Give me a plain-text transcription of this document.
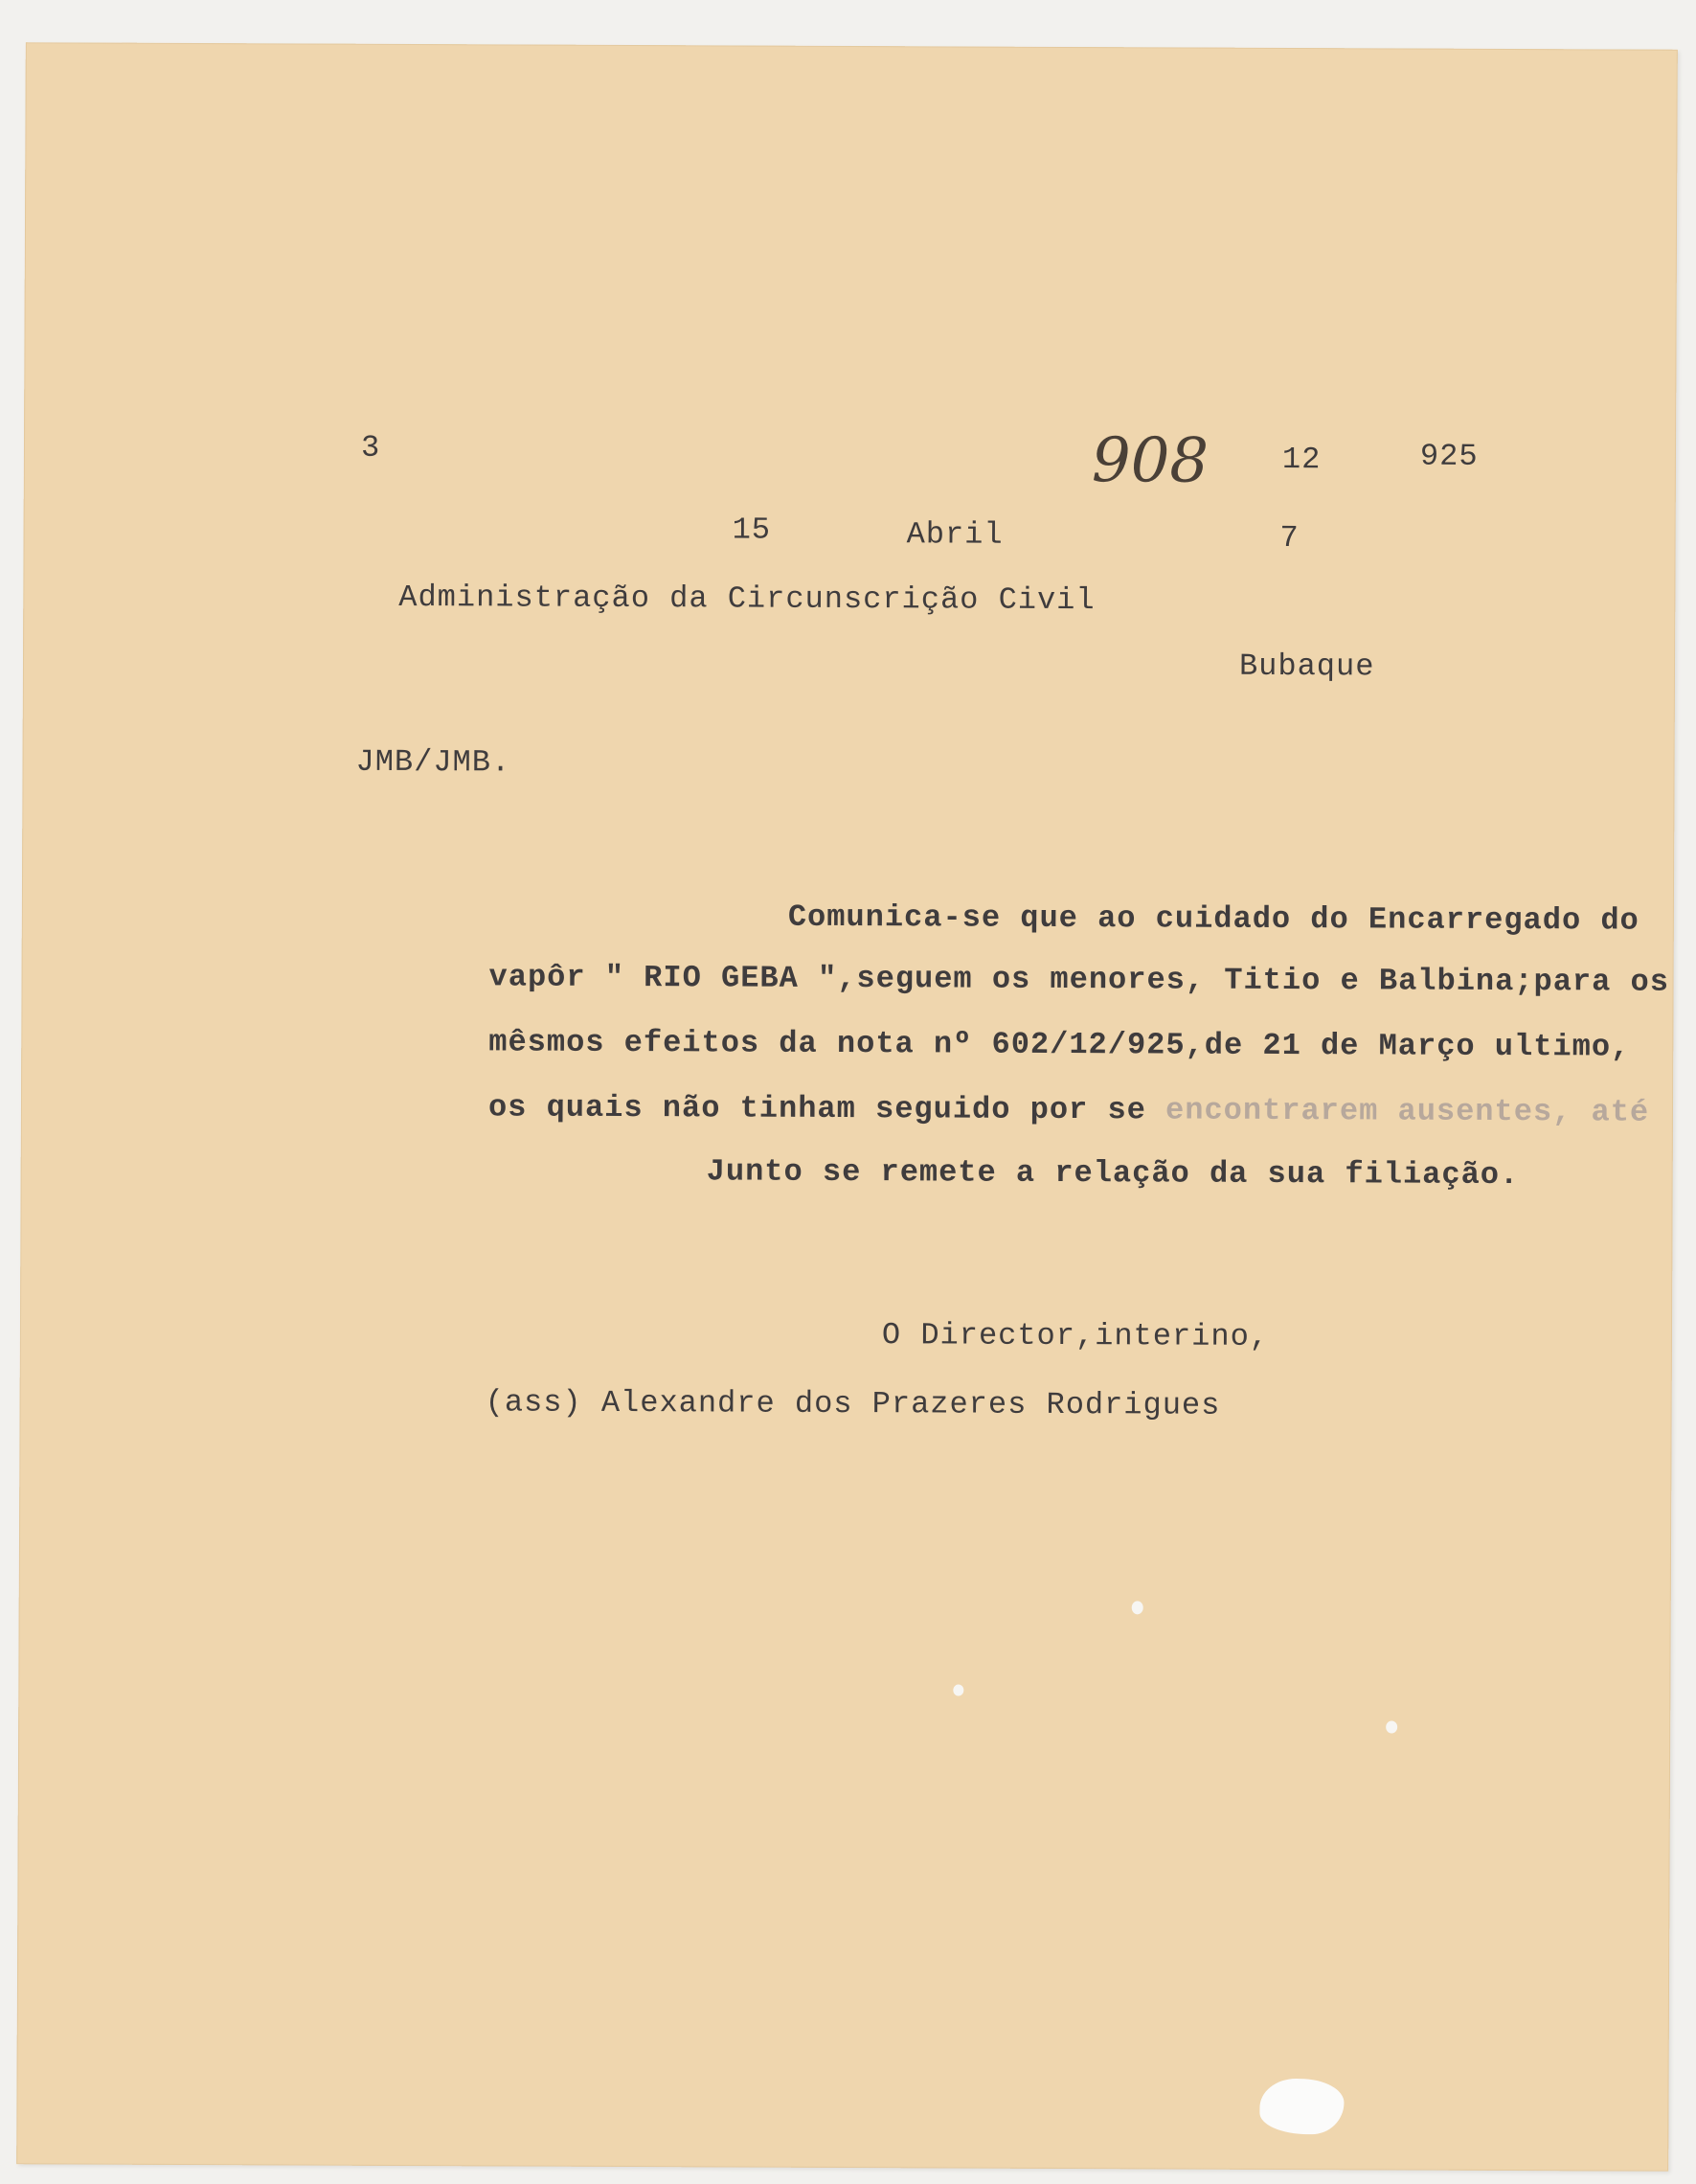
3	908 12	925
15	Abril	7
Administração da Circunscrição Civil
Bubaque
JMB/JMB.
Comunica-se que ao cuidado do Encarregado do
vapôr " RIO GEBA ",seguem os menores, Titio e Balbina;para os
mêsmos efeitos da nota nº 602/12/925,de 21 de Março ultimo,
os quais não tinham seguido por se encontrarem ausentes, até
Junto se remete a relação da sua filiação.
O Director,interino,
(ass) Alexandre dos Prazeres Rodrigues
